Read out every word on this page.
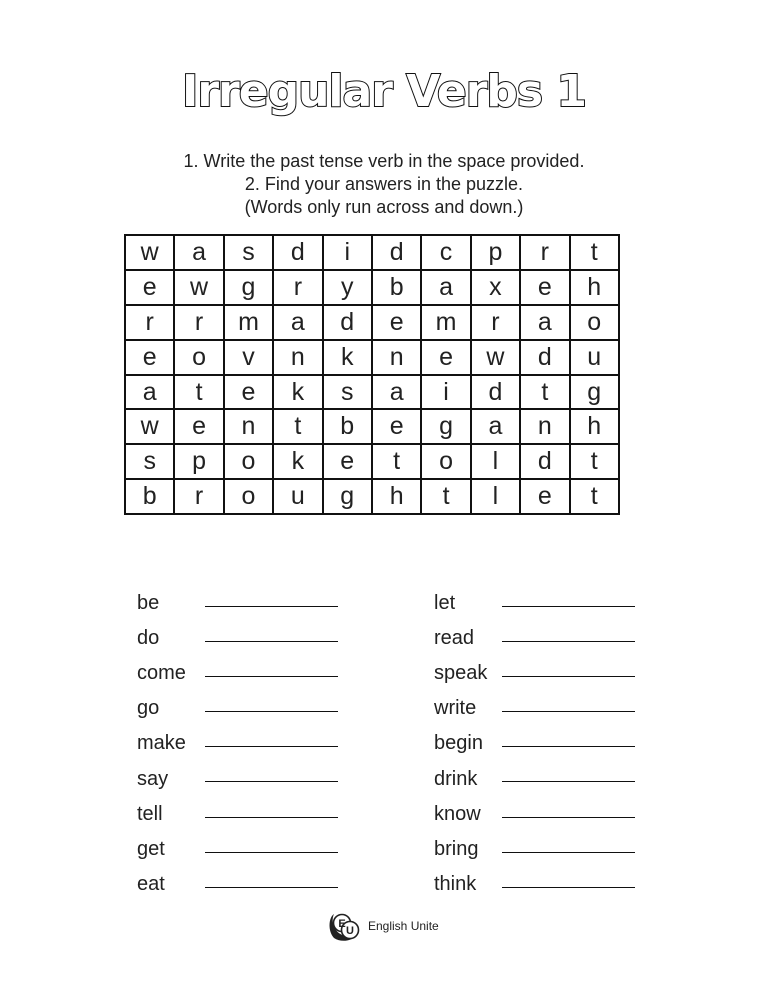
Irregular Verbs 1
1. Write the past tense verb in the space provided.
2. Find your answers in the puzzle.
(Words only run across and down.)
w	a	s	d	i	d	c	p	r	t
e	w	g	r	y	b	a	x	e	h
r	r	m	a	d	e	m	r	a	o
e	o	v	n	k	n	e	w	d	u
a	t	e	k	s	a	i	d	t	g
w	e	n	t	b	e	g	a	n	h
s	p	o	k	e	t	o	l	d	t
b	r	o	u	g	h	t	l	e	t
be
do
come
go
make
say
tell
get
eat
let
read
speak
write
begin
drink
know
bring
think
E
U English Unite
